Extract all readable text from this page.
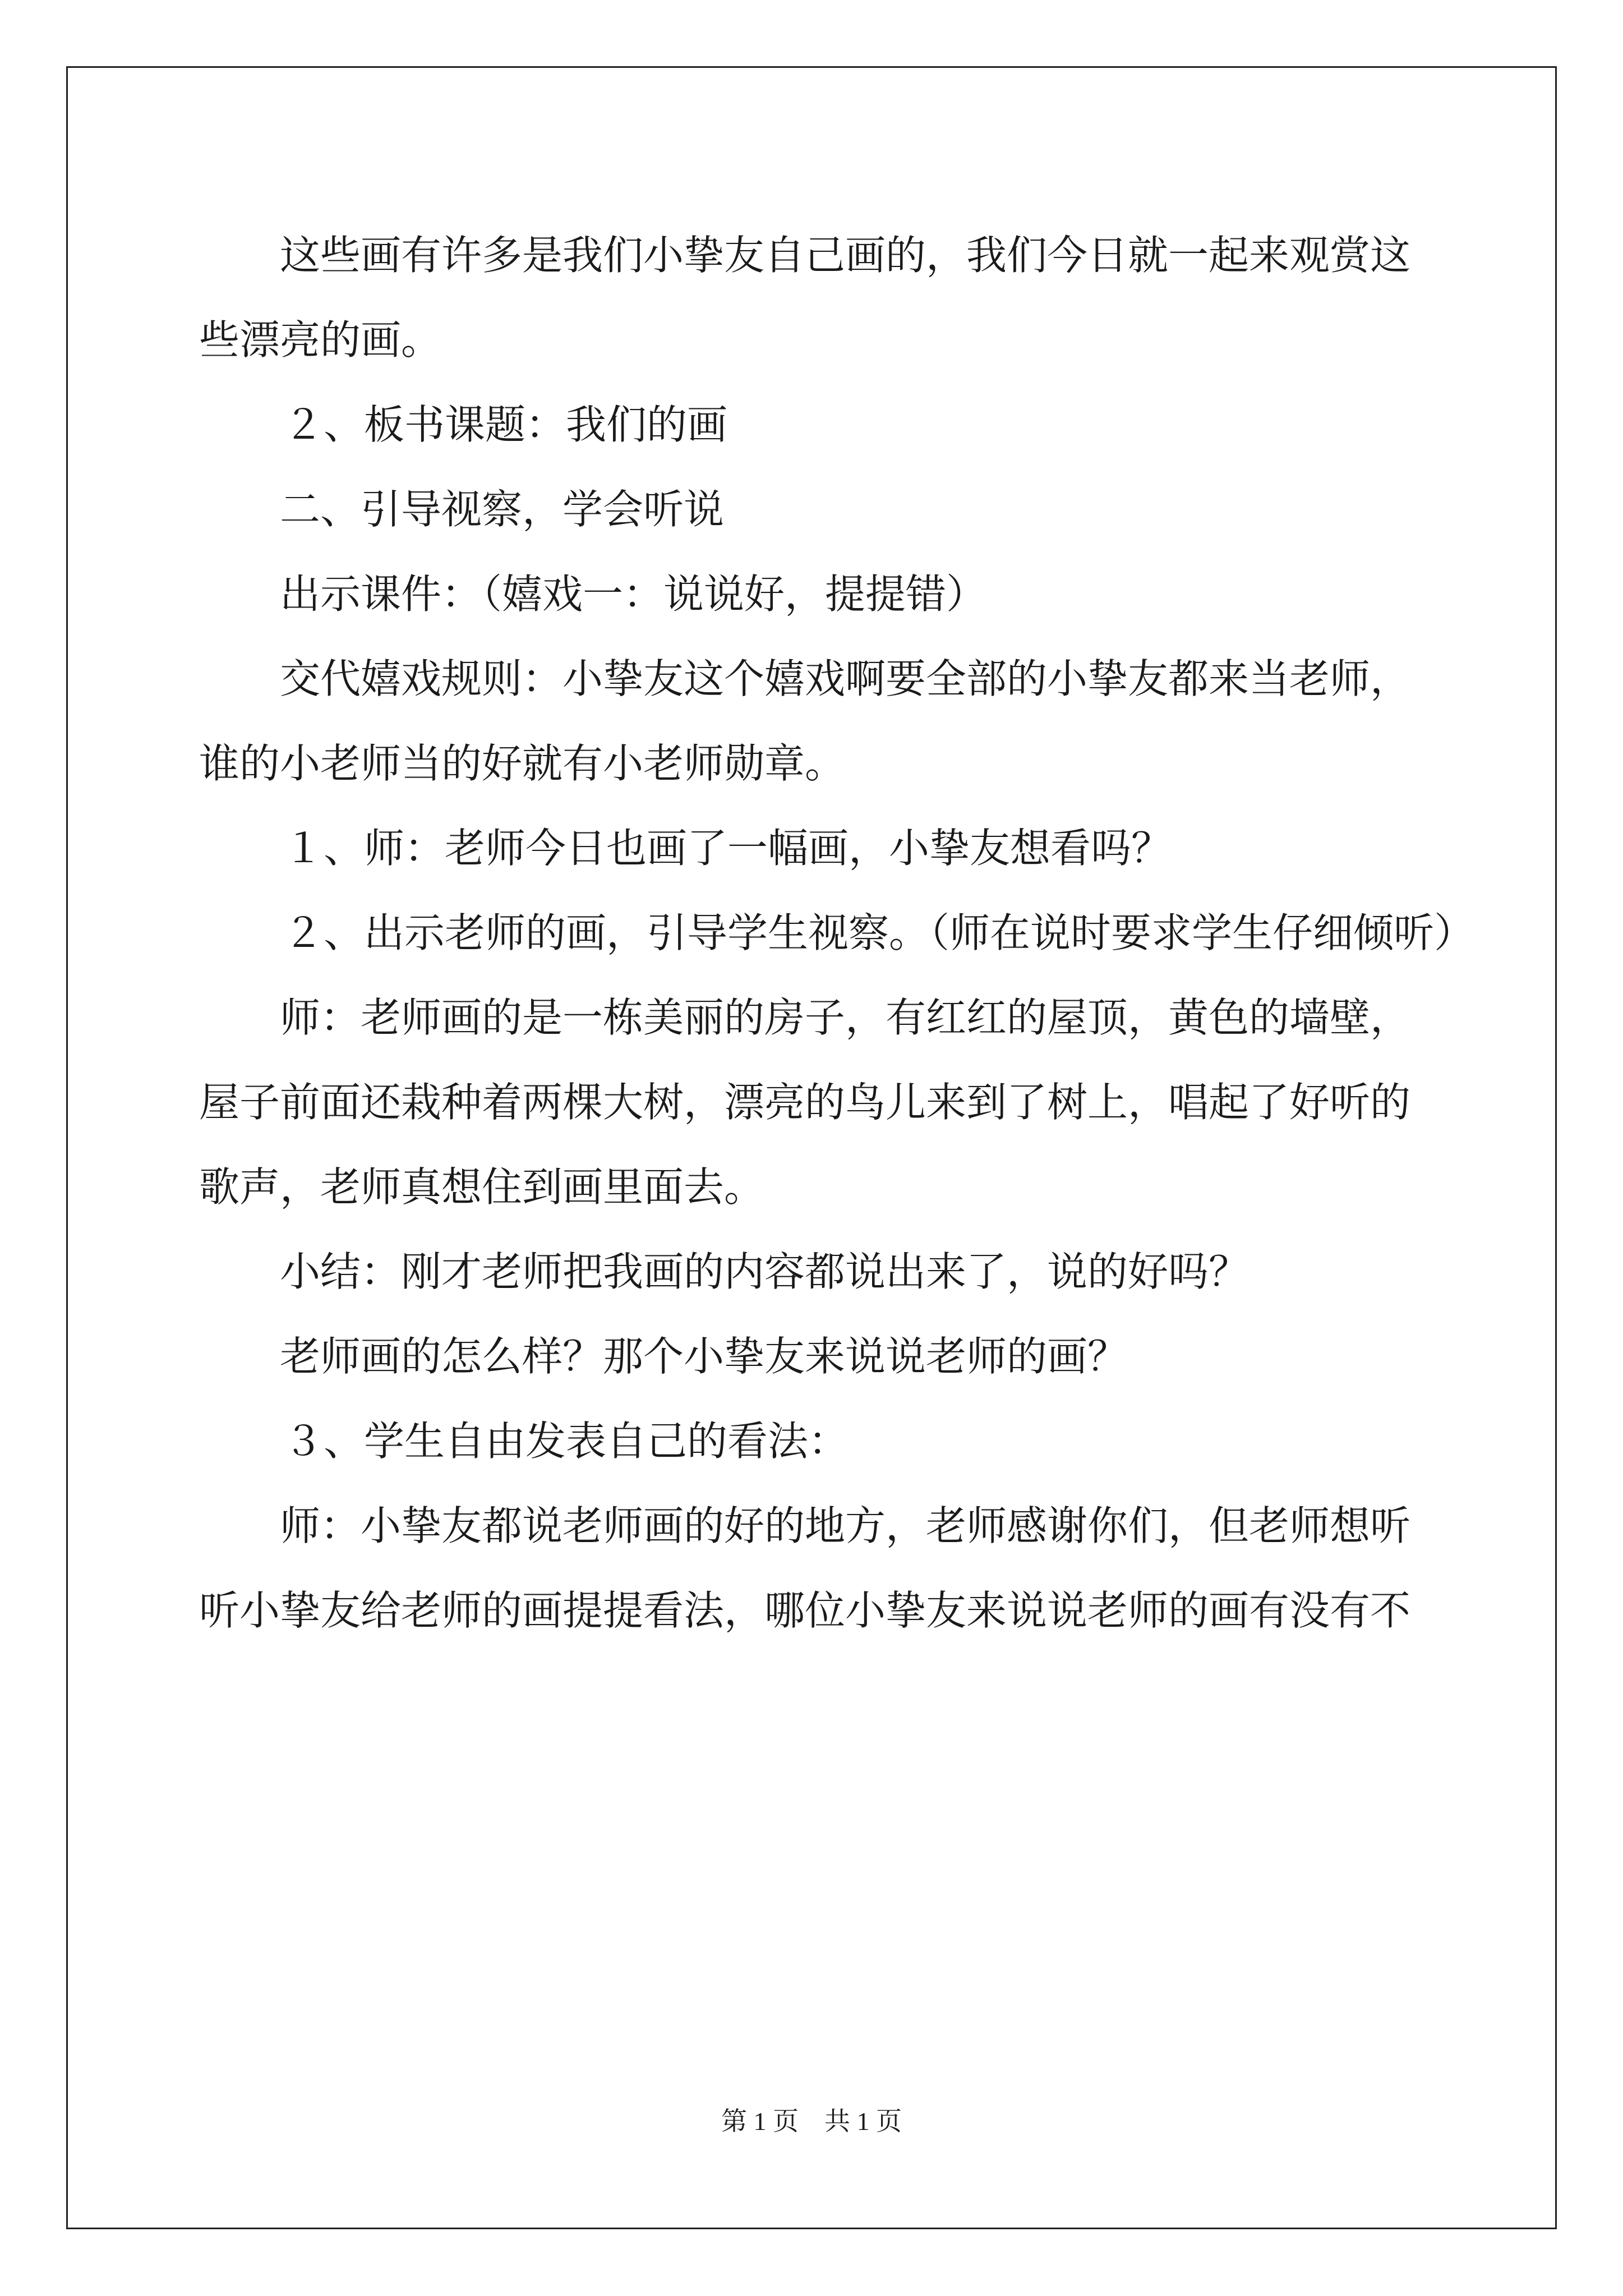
这些画有许多是我们小挚友自己画的，我们今日就一起来观赏这

些漂亮的画。

２、板书课题：我们的画

二、引导视察，学会听说

出示课件：（嬉戏一：说说好，提提错）

交代嬉戏规则：小挚友这个嬉戏啊要全部的小挚友都来当老师，

谁的小老师当的好就有小老师勋章。

１、师：老师今日也画了一幅画，小挚友想看吗？

２、出示老师的画，引导学生视察。（师在说时要求学生仔细倾听）

师：老师画的是一栋美丽的房子，有红红的屋顶，黄色的墙壁，

屋子前面还栽种着两棵大树，漂亮的鸟儿来到了树上，唱起了好听的

歌声，老师真想住到画里面去。

小结：刚才老师把我画的内容都说出来了，说的好吗？

老师画的怎么样？那个小挚友来说说老师的画？

３、学生自由发表自己的看法：

师：小挚友都说老师画的好的地方，老师感谢你们，但老师想听

听小挚友给老师的画提提看法，哪位小挚友来说说老师的画有没有不

第 1 页　共 1 页
